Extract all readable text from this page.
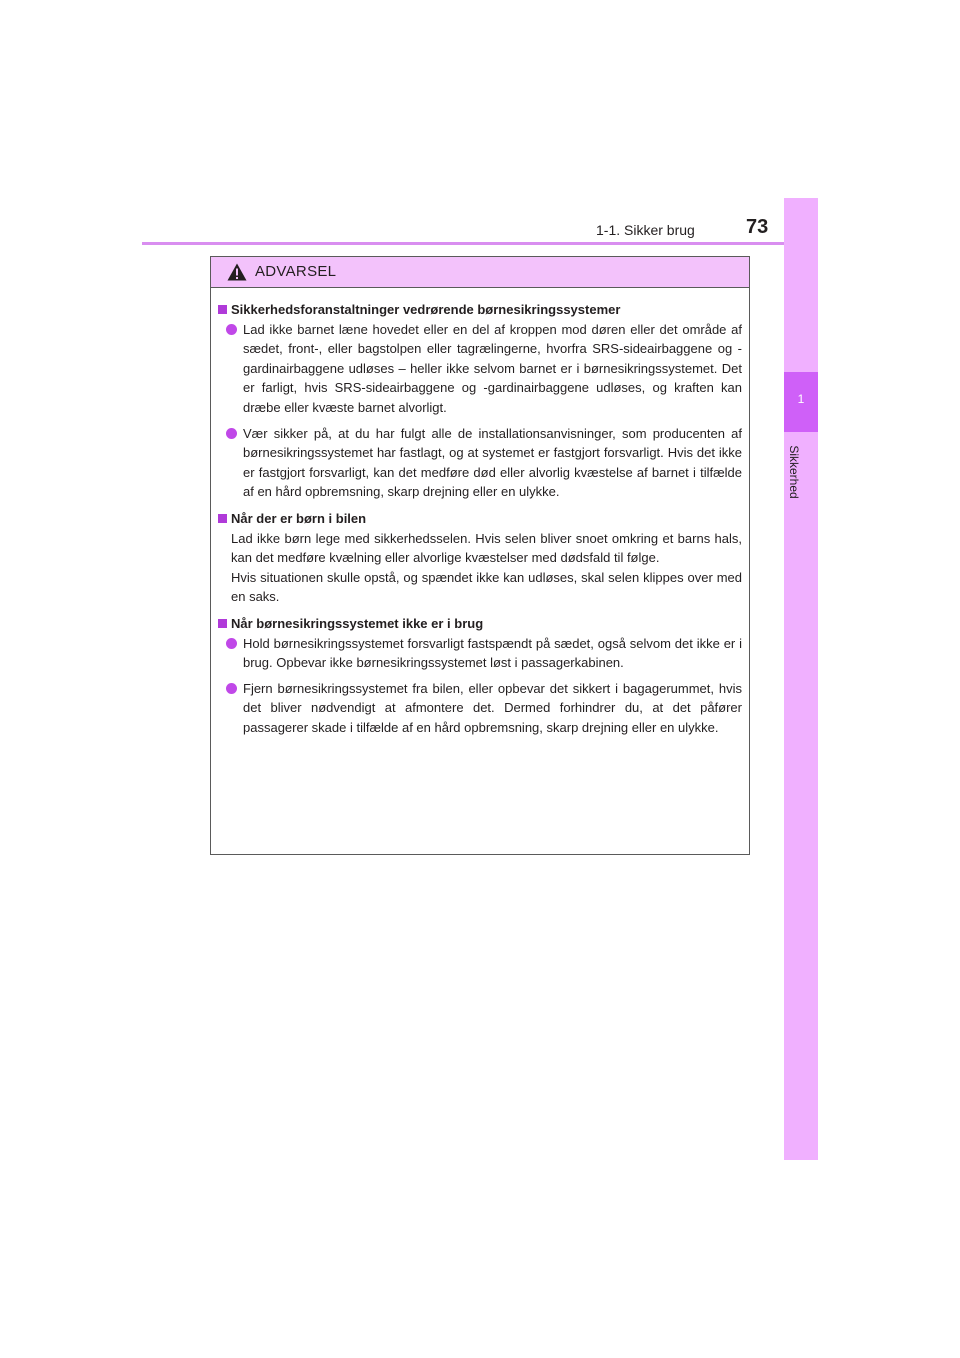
1-1. Sikker brug	73
1
Sikkerhed
ADVARSEL
Sikkerhedsforanstaltninger vedrørende børnesikringssystemer
Lad ikke barnet læne hovedet eller en del af kroppen mod døren eller det område af sædet, front-, eller bagstolpen eller tagrælingerne, hvorfra SRS-sideairbaggene og -gardinairbaggene udløses – heller ikke selvom barnet er i børnesikringssystemet. Det er farligt, hvis SRS-sideairbaggene og -gardinairbaggene udløses, og kraften kan dræbe eller kvæste barnet alvorligt.
Vær sikker på, at du har fulgt alle de installationsanvisninger, som producenten af børnesikringssystemet har fastlagt, og at systemet er fastgjort forsvarligt. Hvis det ikke er fastgjort forsvarligt, kan det medføre død eller alvorlig kvæstelse af barnet i tilfælde af en hård opbremsning, skarp drejning eller en ulykke.
Når der er børn i bilen
Lad ikke børn lege med sikkerhedsselen. Hvis selen bliver snoet omkring et barns hals, kan det medføre kvælning eller alvorlige kvæstelser med dødsfald til følge.
Hvis situationen skulle opstå, og spændet ikke kan udløses, skal selen klippes over med en saks.
Når børnesikringssystemet ikke er i brug
Hold børnesikringssystemet forsvarligt fastspændt på sædet, også selvom det ikke er i brug. Opbevar ikke børnesikringssystemet løst i passagerkabinen.
Fjern børnesikringssystemet fra bilen, eller opbevar det sikkert i bagagerummet, hvis det bliver nødvendigt at afmontere det. Dermed forhindrer du, at det påfører passagerer skade i tilfælde af en hård opbremsning, skarp drejning eller en ulykke.
